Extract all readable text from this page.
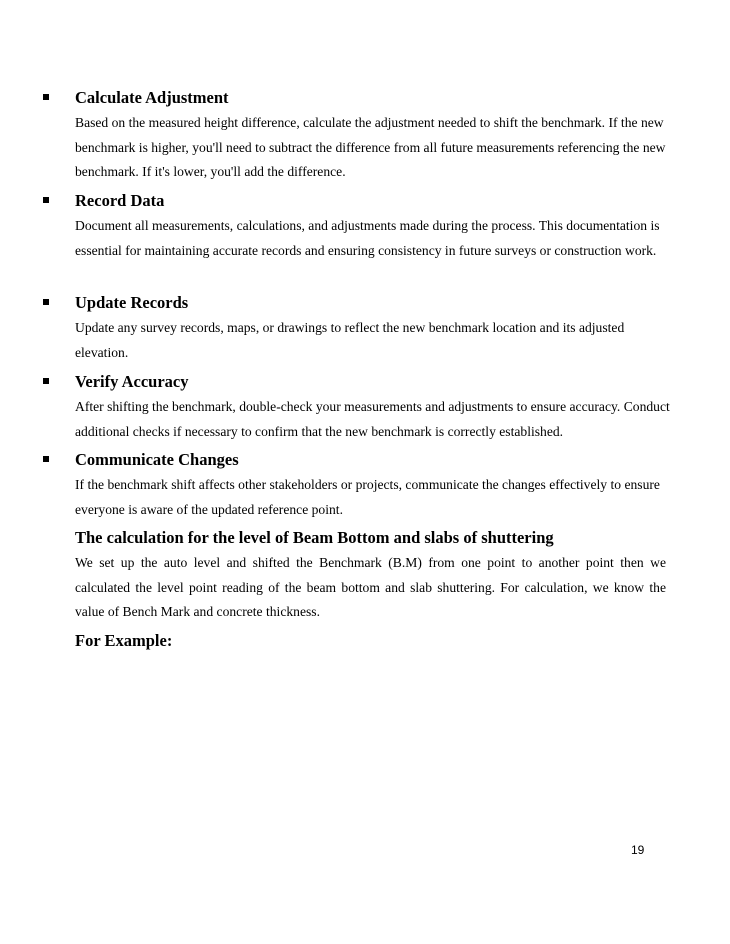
Calculate Adjustment
Based on the measured height difference, calculate the adjustment needed to shift the benchmark. If the new benchmark is higher, you'll need to subtract the difference from all future measurements referencing the new benchmark. If it's lower, you'll add the difference.
Record Data
Document all measurements, calculations, and adjustments made during the process. This documentation is essential for maintaining accurate records and ensuring consistency in future surveys or construction work.
Update Records
Update any survey records, maps, or drawings to reflect the new benchmark location and its adjusted elevation.
Verify Accuracy
After shifting the benchmark, double-check your measurements and adjustments to ensure accuracy. Conduct additional checks if necessary to confirm that the new benchmark is correctly established.
Communicate Changes
If the benchmark shift affects other stakeholders or projects, communicate the changes effectively to ensure everyone is aware of the updated reference point.
The calculation for the level of Beam Bottom and slabs of shuttering
We set up the auto level and shifted the Benchmark (B.M) from one point to another point then we calculated the level point reading of the beam bottom and slab shuttering. For calculation, we know the value of Bench Mark and concrete thickness.
For Example:
19
